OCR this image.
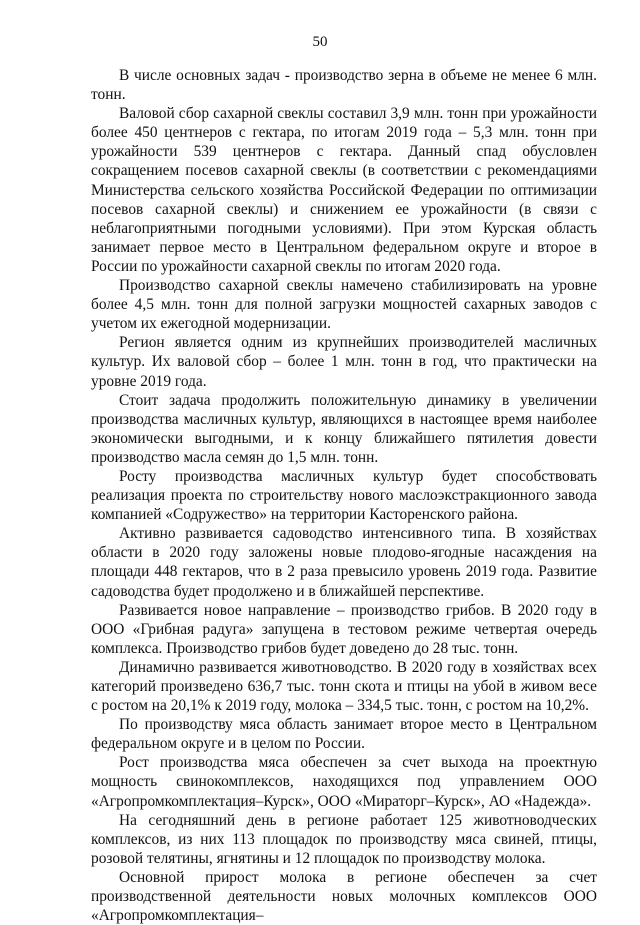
50

В числе основных задач - производство зерна в объеме не менее 6 млн. тонн.

Валовой сбор сахарной свеклы составил 3,9 млн. тонн при урожайности более 450 центнеров с гектара, по итогам 2019 года – 5,3 млн. тонн при урожайности 539 центнеров с гектара. Данный спад обусловлен сокращением посевов сахарной свеклы (в соответствии с рекомендациями Министерства сельского хозяйства Российской Федерации по оптимизации посевов сахарной свеклы) и снижением ее урожайности (в связи с неблагоприятными погодными условиями). При этом Курская область занимает первое место в Центральном федеральном округе и второе в России по урожайности сахарной свеклы по итогам 2020 года.

Производство сахарной свеклы намечено стабилизировать на уровне более 4,5 млн. тонн для полной загрузки мощностей сахарных заводов с учетом их ежегодной модернизации.

Регион является одним из крупнейших производителей масличных культур. Их валовой сбор – более 1 млн. тонн в год, что практически на уровне 2019 года.

Стоит задача продолжить положительную динамику в увеличении производства масличных культур, являющихся в настоящее время наиболее экономически выгодными, и к концу ближайшего пятилетия довести производство масла семян до 1,5 млн. тонн.

Росту производства масличных культур будет способствовать реализация проекта по строительству нового маслоэкстракционного завода компанией «Содружество» на территории Касторенского района.

Активно развивается садоводство интенсивного типа. В хозяйствах области в 2020 году заложены новые плодово-ягодные насаждения на площади 448 гектаров, что в 2 раза превысило уровень 2019 года. Развитие садоводства будет продолжено и в ближайшей перспективе.

Развивается новое направление – производство грибов. В 2020 году в ООО «Грибная радуга» запущена в тестовом режиме четвертая очередь комплекса. Производство грибов будет доведено до 28 тыс. тонн.

Динамично развивается животноводство. В 2020 году в хозяйствах всех категорий произведено 636,7 тыс. тонн скота и птицы на убой в живом весе с ростом на 20,1% к 2019 году, молока – 334,5 тыс. тонн, с ростом на 10,2%.

По производству мяса область занимает второе место в Центральном федеральном округе и в целом по России.

Рост производства мяса обеспечен за счет выхода на проектную мощность свинокомплексов, находящихся под управлением ООО «Агропромкомплектация–Курск», ООО «Мираторг–Курск», АО «Надежда».

На сегодняшний день в регионе работает 125 животноводческих комплексов, из них 113 площадок по производству мяса свиней, птицы, розовой телятины, ягнятины и 12 площадок по производству молока.

Основной прирост молока в регионе обеспечен за счет производственной деятельности новых молочных комплексов ООО «Агропромкомплектация–
